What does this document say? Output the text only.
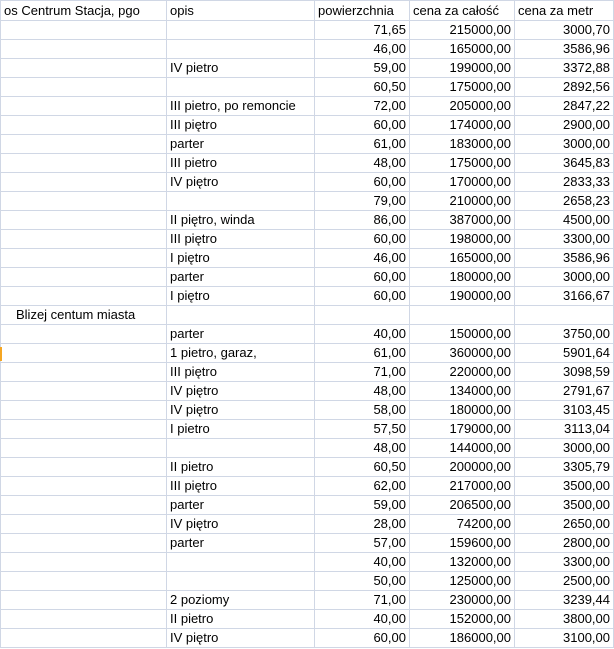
os Centrum Stacja, pgo	opis	powierzchnia	cena za całość	cena za metr
		71,65	215000,00	3000,70
		46,00	165000,00	3586,96
	IV pietro	59,00	199000,00	3372,88
		60,50	175000,00	2892,56
	III pietro, po remoncie	72,00	205000,00	2847,22
	III piętro	60,00	174000,00	2900,00
	parter	61,00	183000,00	3000,00
	III pietro	48,00	175000,00	3645,83
	IV piętro	60,00	170000,00	2833,33
		79,00	210000,00	2658,23
	II piętro, winda	86,00	387000,00	4500,00
	III piętro	60,00	198000,00	3300,00
	I piętro	46,00	165000,00	3586,96
	parter	60,00	180000,00	3000,00
	I piętro	60,00	190000,00	3166,67
Blizej centum miasta				
	parter	40,00	150000,00	3750,00
	1 pietro, garaz,	61,00	360000,00	5901,64
	III piętro	71,00	220000,00	3098,59
	IV piętro	48,00	134000,00	2791,67
	IV piętro	58,00	180000,00	3103,45
	I pietro	57,50	179000,00	3113,04
		48,00	144000,00	3000,00
	II pietro	60,50	200000,00	3305,79
	III piętro	62,00	217000,00	3500,00
	parter	59,00	206500,00	3500,00
	IV piętro	28,00	74200,00	2650,00
	parter	57,00	159600,00	2800,00
		40,00	132000,00	3300,00
		50,00	125000,00	2500,00
	2 poziomy	71,00	230000,00	3239,44
	II pietro	40,00	152000,00	3800,00
	IV piętro	60,00	186000,00	3100,00
